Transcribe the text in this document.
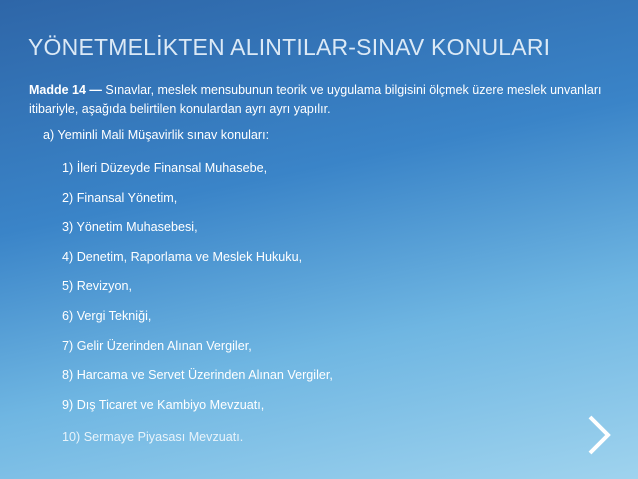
YÖNETMELİKTEN ALINTILAR-SINAV KONULARI
Madde 14 — Sınavlar, meslek mensubunun teorik ve uygulama bilgisini ölçmek üzere meslek unvanları itibariyle, aşağıda belirtilen konulardan ayrı ayrı yapılır.
a) Yeminli Mali Müşavirlik sınav konuları:
1) İleri Düzeyde Finansal Muhasebe,
2) Finansal Yönetim,
3) Yönetim Muhasebesi,
4) Denetim, Raporlama ve Meslek Hukuku,
5) Revizyon,
6) Vergi Tekniği,
7) Gelir Üzerinden Alınan Vergiler,
8) Harcama ve Servet Üzerinden Alınan Vergiler,
9) Dış Ticaret ve Kambiyo Mevzuatı,
10) Sermaye Piyasası Mevzuatı.
